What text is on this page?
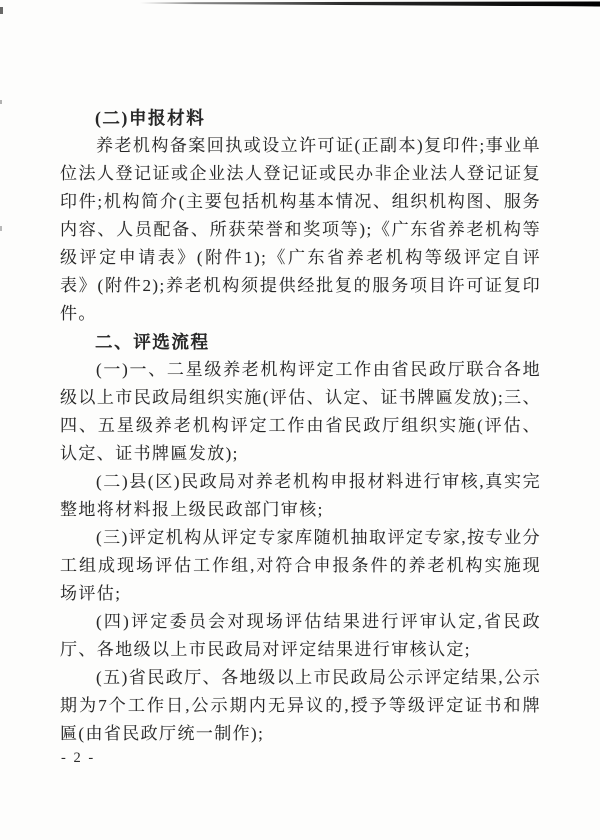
(二)申报材料

养老机构备案回执或设立许可证(正副本)复印件;事业单位法人登记证或企业法人登记证或民办非企业法人登记证复印件;机构简介(主要包括机构基本情况、组织机构图、服务内容、人员配备、所获荣誉和奖项等);《广东省养老机构等级评定申请表》(附件1);《广东省养老机构等级评定自评表》(附件2);养老机构须提供经批复的服务项目许可证复印件。

二、评选流程

(一)一、二星级养老机构评定工作由省民政厅联合各地级以上市民政局组织实施(评估、认定、证书牌匾发放);三、四、五星级养老机构评定工作由省民政厅组织实施(评估、认定、证书牌匾发放);

(二)县(区)民政局对养老机构申报材料进行审核,真实完整地将材料报上级民政部门审核;

(三)评定机构从评定专家库随机抽取评定专家,按专业分工组成现场评估工作组,对符合申报条件的养老机构实施现场评估;

(四)评定委员会对现场评估结果进行评审认定,省民政厅、各地级以上市民政局对评定结果进行审核认定;

(五)省民政厅、各地级以上市民政局公示评定结果,公示期为7个工作日,公示期内无异议的,授予等级评定证书和牌匾(由省民政厅统一制作);

- 2 -
